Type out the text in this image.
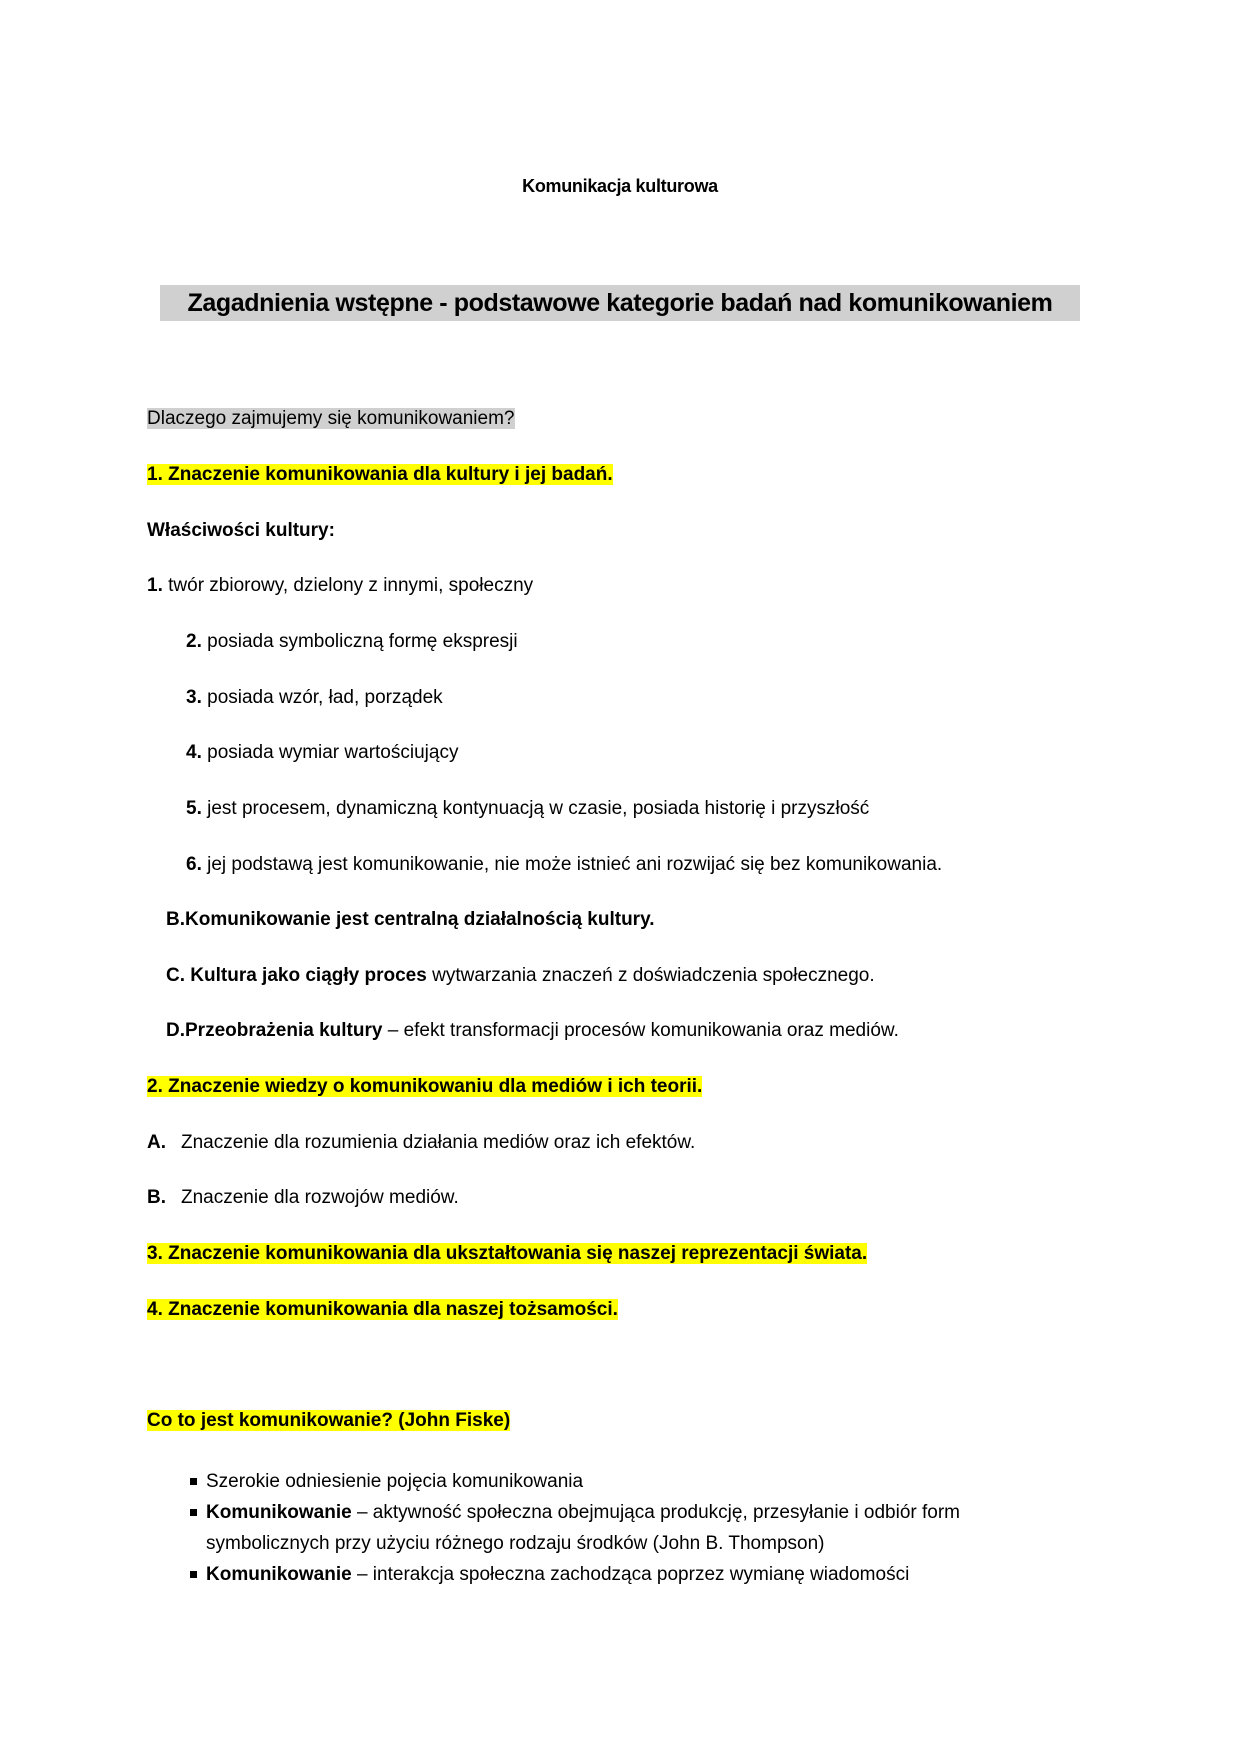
Komunikacja kulturowa
Zagadnienia wstępne - podstawowe kategorie badań nad komunikowaniem
Dlaczego zajmujemy się komunikowaniem?
1. Znaczenie komunikowania dla kultury i jej badań.
Właściwości kultury:
1. twór zbiorowy, dzielony z innymi, społeczny
2. posiada symboliczną formę ekspresji
3. posiada wzór, ład, porządek
4. posiada wymiar wartościujący
5. jest procesem, dynamiczną kontynuacją w czasie, posiada historię i przyszłość
6. jej podstawą jest komunikowanie, nie może istnieć ani rozwijać się bez komunikowania.
B.Komunikowanie jest centralną działalnością kultury.
C. Kultura jako ciągły proces wytwarzania znaczeń z doświadczenia społecznego.
D.Przeobrażenia kultury – efekt transformacji procesów komunikowania oraz mediów.
2. Znaczenie wiedzy o komunikowaniu dla mediów i ich teorii.
A. Znaczenie dla rozumienia działania mediów oraz ich efektów.
B. Znaczenie dla rozwojów mediów.
3. Znaczenie komunikowania dla ukształtowania się naszej reprezentacji świata.
4. Znaczenie komunikowania dla naszej tożsamości.
Co to jest komunikowanie? (John Fiske)
Szerokie odniesienie pojęcia komunikowania
Komunikowanie – aktywność społeczna obejmująca produkcję, przesyłanie i odbiór form
symbolicznych przy użyciu różnego rodzaju środków (John B. Thompson)
Komunikowanie – interakcja społeczna zachodząca poprzez wymianę wiadomości
